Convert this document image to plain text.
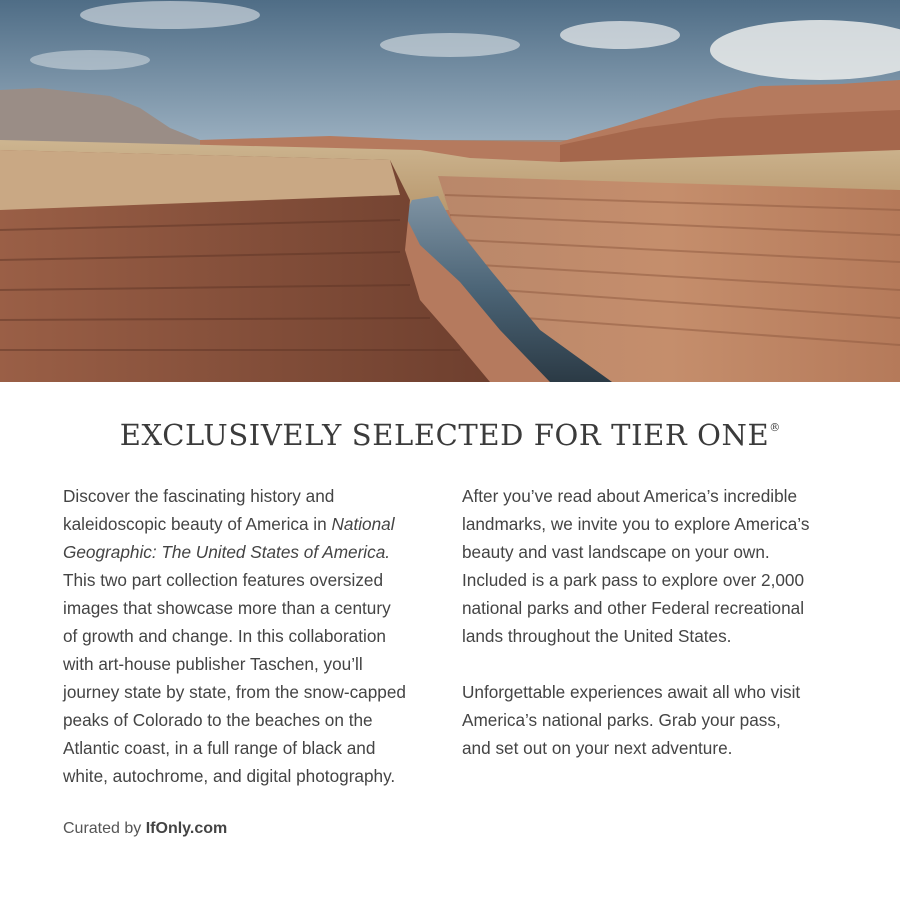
EXCLUSIVELY SELECTED FOR TIER ONE®

Discover the fascinating history and
kaleidoscopic beauty of America in National
Geographic: The United States of America.
This two part collection features oversized
images that showcase more than a century
of growth and change. In this collaboration
with art-house publisher Taschen, you’ll
journey state by state, from the snow-capped
peaks of Colorado to the beaches on the
Atlantic coast, in a full range of black and
white, autochrome, and digital photography.

After you’ve read about America’s incredible
landmarks, we invite you to explore America’s
beauty and vast landscape on your own.
Included is a park pass to explore over 2,000
national parks and other Federal recreational
lands throughout the United States.

Unforgettable experiences await all who visit
America’s national parks. Grab your pass,
and set out on your next adventure.

Curated by IfOnly.com
